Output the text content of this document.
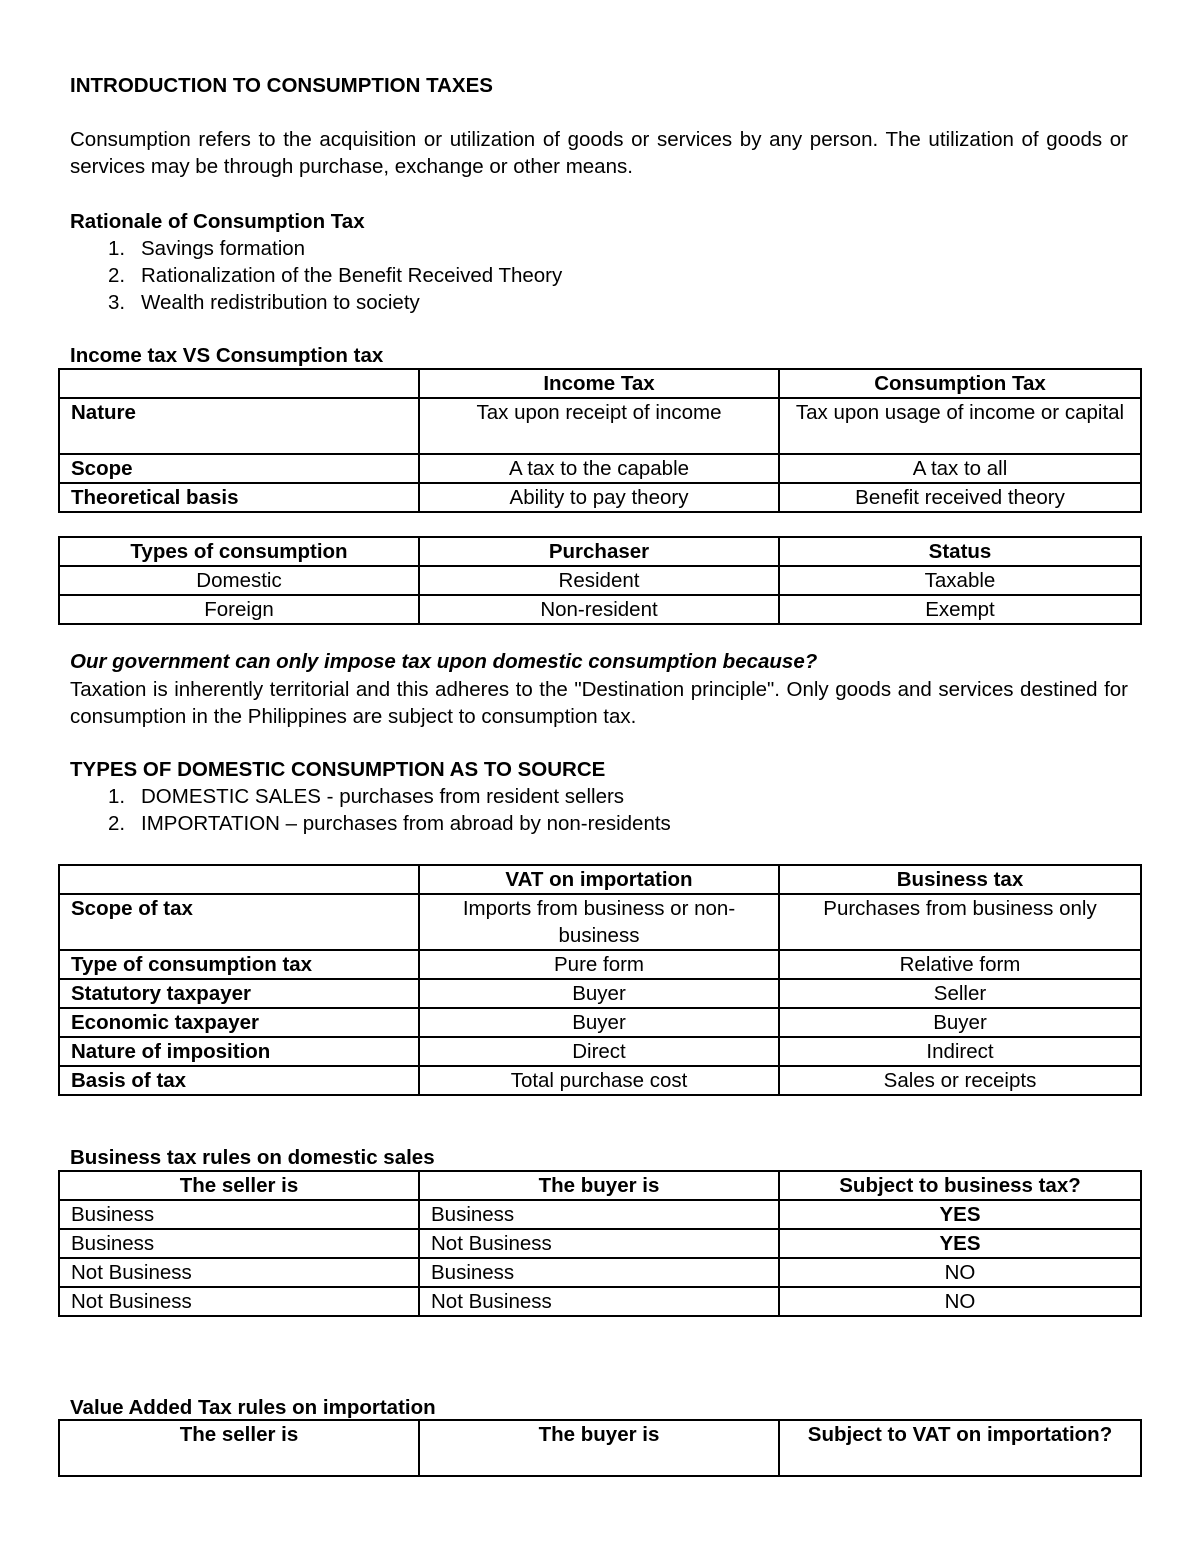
INTRODUCTION TO CONSUMPTION TAXES
Consumption refers to the acquisition or utilization of goods or services by any person. The utilization of goods or services may be through purchase, exchange or other means.
Rationale of Consumption Tax
1. Savings formation
2. Rationalization of the Benefit Received Theory
3. Wealth redistribution to society
Income tax VS Consumption tax
	Income Tax	Consumption Tax
Nature	Tax upon receipt of income	Tax upon usage of income or capital
Scope	A tax to the capable	A tax to all
Theoretical basis	Ability to pay theory	Benefit received theory
Types of consumption	Purchaser	Status
Domestic	Resident	Taxable
Foreign	Non-resident	Exempt
Our government can only impose tax upon domestic consumption because?
Taxation is inherently territorial and this adheres to the "Destination principle". Only goods and services destined for consumption in the Philippines are subject to consumption tax.
TYPES OF DOMESTIC CONSUMPTION AS TO SOURCE
1. DOMESTIC SALES - purchases from resident sellers
2. IMPORTATION – purchases from abroad by non-residents
	VAT on importation	Business tax
Scope of tax	Imports from business or non-business	Purchases from business only
Type of consumption tax	Pure form	Relative form
Statutory taxpayer	Buyer	Seller
Economic taxpayer	Buyer	Buyer
Nature of imposition	Direct	Indirect
Basis of tax	Total purchase cost	Sales or receipts
Business tax rules on domestic sales
The seller is	The buyer is	Subject to business tax?
Business	Business	YES
Business	Not Business	YES
Not Business	Business	NO
Not Business	Not Business	NO
Value Added Tax rules on importation
The seller is	The buyer is	Subject to VAT on importation?
